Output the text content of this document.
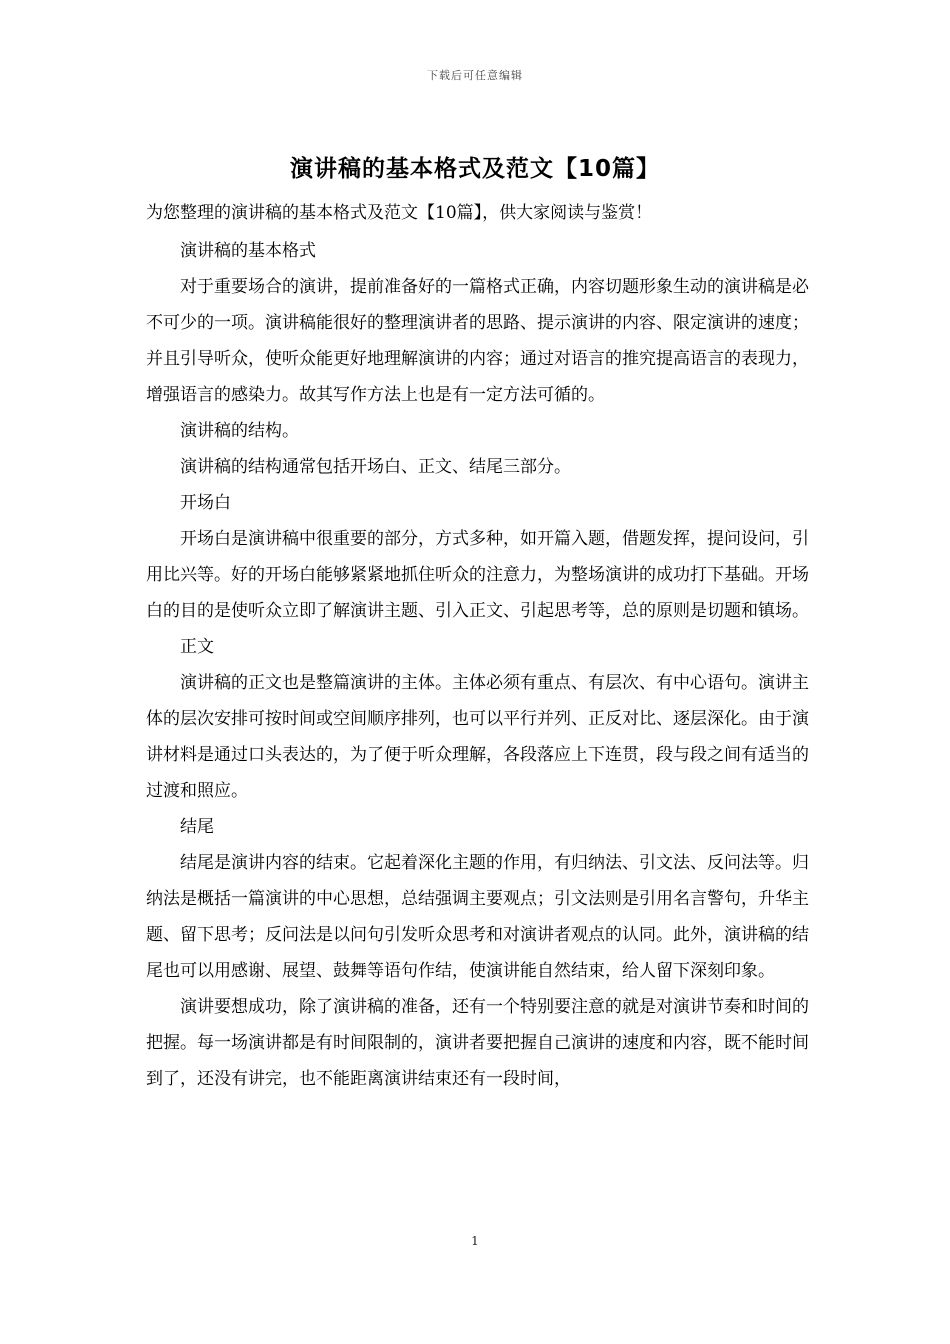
下载后可任意编辑
演讲稿的基本格式及范文【10篇】

为您整理的演讲稿的基本格式及范文【10篇】，供大家阅读与鉴赏！

演讲稿的基本格式

对于重要场合的演讲，提前准备好的一篇格式正确，内容切题形象生动的演讲稿是必不可少的一项。演讲稿能很好的整理演讲者的思路、提示演讲的内容、限定演讲的速度；并且引导听众，使听众能更好地理解演讲的内容；通过对语言的推究提高语言的表现力，增强语言的感染力。故其写作方法上也是有一定方法可循的。

演讲稿的结构。

演讲稿的结构通常包括开场白、正文、结尾三部分。

开场白

开场白是演讲稿中很重要的部分，方式多种，如开篇入题，借题发挥，提问设问，引用比兴等。好的开场白能够紧紧地抓住听众的注意力，为整场演讲的成功打下基础。开场白的目的是使听众立即了解演讲主题、引入正文、引起思考等，总的原则是切题和镇场。

正文

演讲稿的正文也是整篇演讲的主体。主体必须有重点、有层次、有中心语句。演讲主体的层次安排可按时间或空间顺序排列，也可以平行并列、正反对比、逐层深化。由于演讲材料是通过口头表达的，为了便于听众理解，各段落应上下连贯，段与段之间有适当的过渡和照应。

结尾

结尾是演讲内容的结束。它起着深化主题的作用，有归纳法、引文法、反问法等。归纳法是概括一篇演讲的中心思想，总结强调主要观点；引文法则是引用名言警句，升华主题、留下思考；反问法是以问句引发听众思考和对演讲者观点的认同。此外，演讲稿的结尾也可以用感谢、展望、鼓舞等语句作结，使演讲能自然结束，给人留下深刻印象。

演讲要想成功，除了演讲稿的准备，还有一个特别要注意的就是对演讲节奏和时间的把握。每一场演讲都是有时间限制的，演讲者要把握自己演讲的速度和内容，既不能时间到了，还没有讲完，也不能距离演讲结束还有一段时间，

1
